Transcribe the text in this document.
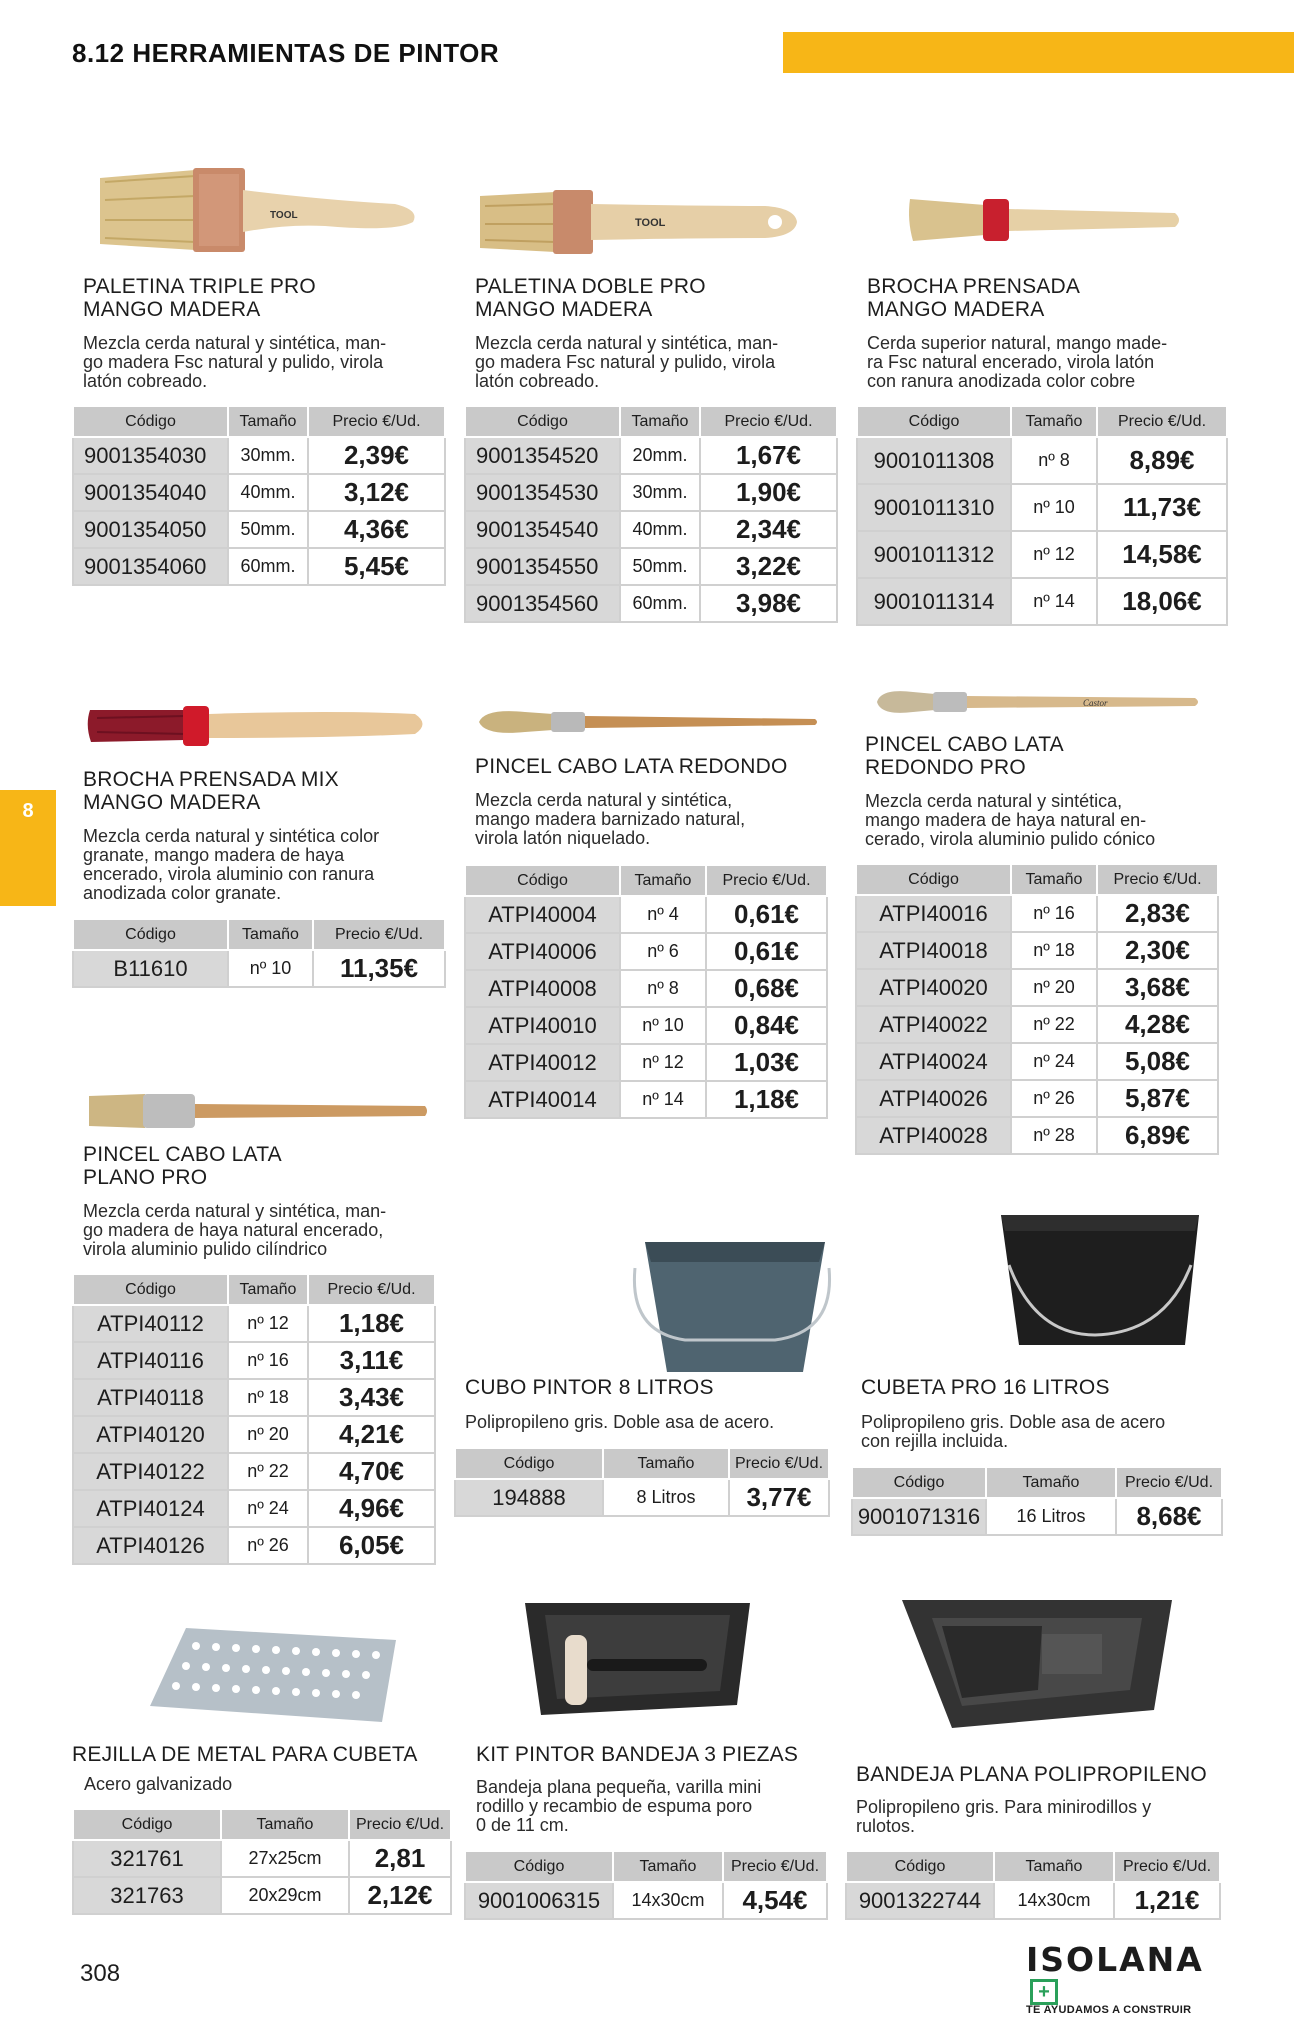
8.12 HERRAMIENTAS DE PINTOR
8
TOOL
PALETINA TRIPLE PRO
MANGO MADERA
Mezcla cerda natural y sintética, man-
go madera Fsc natural y pulido, virola
latón cobreado.
Código	Tamaño	Precio €/Ud.
9001354030	30mm.	2,39€
9001354040	40mm.	3,12€
9001354050	50mm.	4,36€
9001354060	60mm.	5,45€
TOOL
PALETINA DOBLE PRO
MANGO MADERA
Mezcla cerda natural y sintética, man-
go madera Fsc natural y pulido, virola
latón cobreado.
Código	Tamaño	Precio €/Ud.
9001354520	20mm.	1,67€
9001354530	30mm.	1,90€
9001354540	40mm.	2,34€
9001354550	50mm.	3,22€
9001354560	60mm.	3,98€
BROCHA PRENSADA
MANGO MADERA
Cerda superior natural, mango made-
ra Fsc natural encerado, virola latón
con ranura anodizada color cobre
Código	Tamaño	Precio €/Ud.
9001011308	nº 8	8,89€
9001011310	nº 10	11,73€
9001011312	nº 12	14,58€
9001011314	nº 14	18,06€
BROCHA PRENSADA MIX
MANGO MADERA
Mezcla cerda natural y sintética color
granate, mango madera de haya
encerado, virola aluminio con ranura
anodizada color granate.
Código	Tamaño	Precio €/Ud.
B11610	nº 10	11,35€
PINCEL CABO LATA REDONDO
Mezcla cerda natural y sintética,
mango madera barnizado natural,
virola latón niquelado.
Código	Tamaño	Precio €/Ud.
ATPI40004	nº 4	0,61€
ATPI40006	nº 6	0,61€
ATPI40008	nº 8	0,68€
ATPI40010	nº 10	0,84€
ATPI40012	nº 12	1,03€
ATPI40014	nº 14	1,18€
Castor
PINCEL CABO LATA
REDONDO PRO
Mezcla cerda natural y sintética,
mango madera de haya natural en-
cerado, virola aluminio pulido cónico
Código	Tamaño	Precio €/Ud.
ATPI40016	nº 16	2,83€
ATPI40018	nº 18	2,30€
ATPI40020	nº 20	3,68€
ATPI40022	nº 22	4,28€
ATPI40024	nº 24	5,08€
ATPI40026	nº 26	5,87€
ATPI40028	nº 28	6,89€
PINCEL CABO LATA
PLANO PRO
Mezcla cerda natural y sintética, man-
go madera de haya natural encerado,
virola aluminio pulido cilíndrico
Código	Tamaño	Precio €/Ud.
ATPI40112	nº 12	1,18€
ATPI40116	nº 16	3,11€
ATPI40118	nº 18	3,43€
ATPI40120	nº 20	4,21€
ATPI40122	nº 22	4,70€
ATPI40124	nº 24	4,96€
ATPI40126	nº 26	6,05€
CUBO PINTOR 8 LITROS
Polipropileno gris. Doble asa de acero.
Código	Tamaño	Precio €/Ud.
194888	8 Litros	3,77€
CUBETA PRO 16 LITROS
Polipropileno gris. Doble asa de acero
con rejilla incluida.
Código	Tamaño	Precio €/Ud.
9001071316	16 Litros	8,68€
REJILLA DE METAL PARA CUBETA
Acero galvanizado
Código	Tamaño	Precio €/Ud.
321761	27x25cm	2,81
321763	20x29cm	2,12€
KIT PINTOR BANDEJA 3 PIEZAS
Bandeja plana pequeña, varilla mini
rodillo y recambio de espuma poro
0 de 11 cm.
Código	Tamaño	Precio €/Ud.
9001006315	14x30cm	4,54€
BANDEJA PLANA POLIPROPILENO
Polipropileno gris. Para minirodillos y
rulotos.
Código	Tamaño	Precio €/Ud.
9001322744	14x30cm	1,21€
308	ISOLANA+
TE AYUDAMOS A CONSTRUIR
